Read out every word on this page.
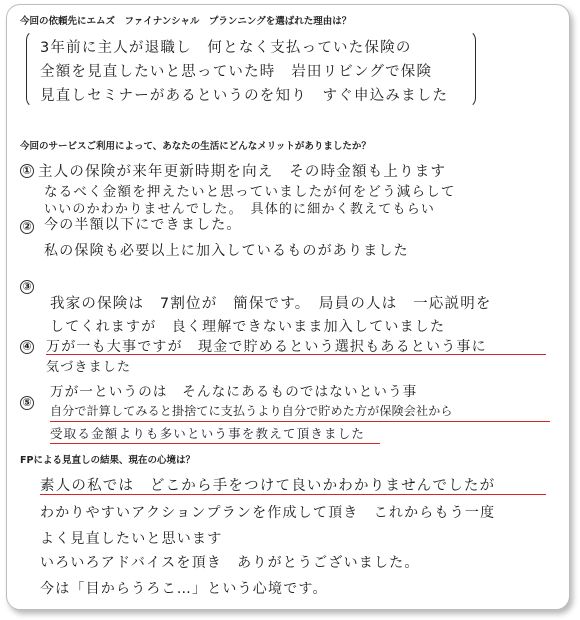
今回の依頼先にエムズ　ファイナンシャル　プランニングを選ばれた理由は？
3年前に主人が退職し　何となく支払っていた保険の
全額を見直したいと思っていた時　岩田リビングで保険
見直しセミナーがあるというのを知り　すぐ申込みました
今回のサービスご利用によって、あなたの生活にどんなメリットがありましたか？
① 主人の保険が来年更新時期を向え　その時金額も上ります
なるべく金額を押えたいと思っていましたが何をどう減らして
いいのかわかりませんでした。　具体的に細かく教えてもらい
② 今の半額以下にできました。
私の保険も必要以上に加入しているものがありました
③
我家の保険は　7割位が　簡保です。　局員の人は　一応説明を
してくれますが　良く理解できないまま加入していました
④ 万が一も大事ですが　現金で貯めるという選択もあるという事に
気づきました
⑤
万が一というのは　そんなにあるものではないという事
自分で計算してみると掛捨てに支払うより自分で貯めた方が保険会社から
受取る金額よりも多いという事を教えて頂きました
FPによる見直しの結果、現在の心境は？
素人の私では　どこから手をつけて良いかわかりませんでしたが
わかりやすいアクションプランを作成して頂き　これからもう一度
よく見直したいと思います
いろいろアドバイスを頂き　ありがとうございました。
今は「目からうろこ…」という心境です。
